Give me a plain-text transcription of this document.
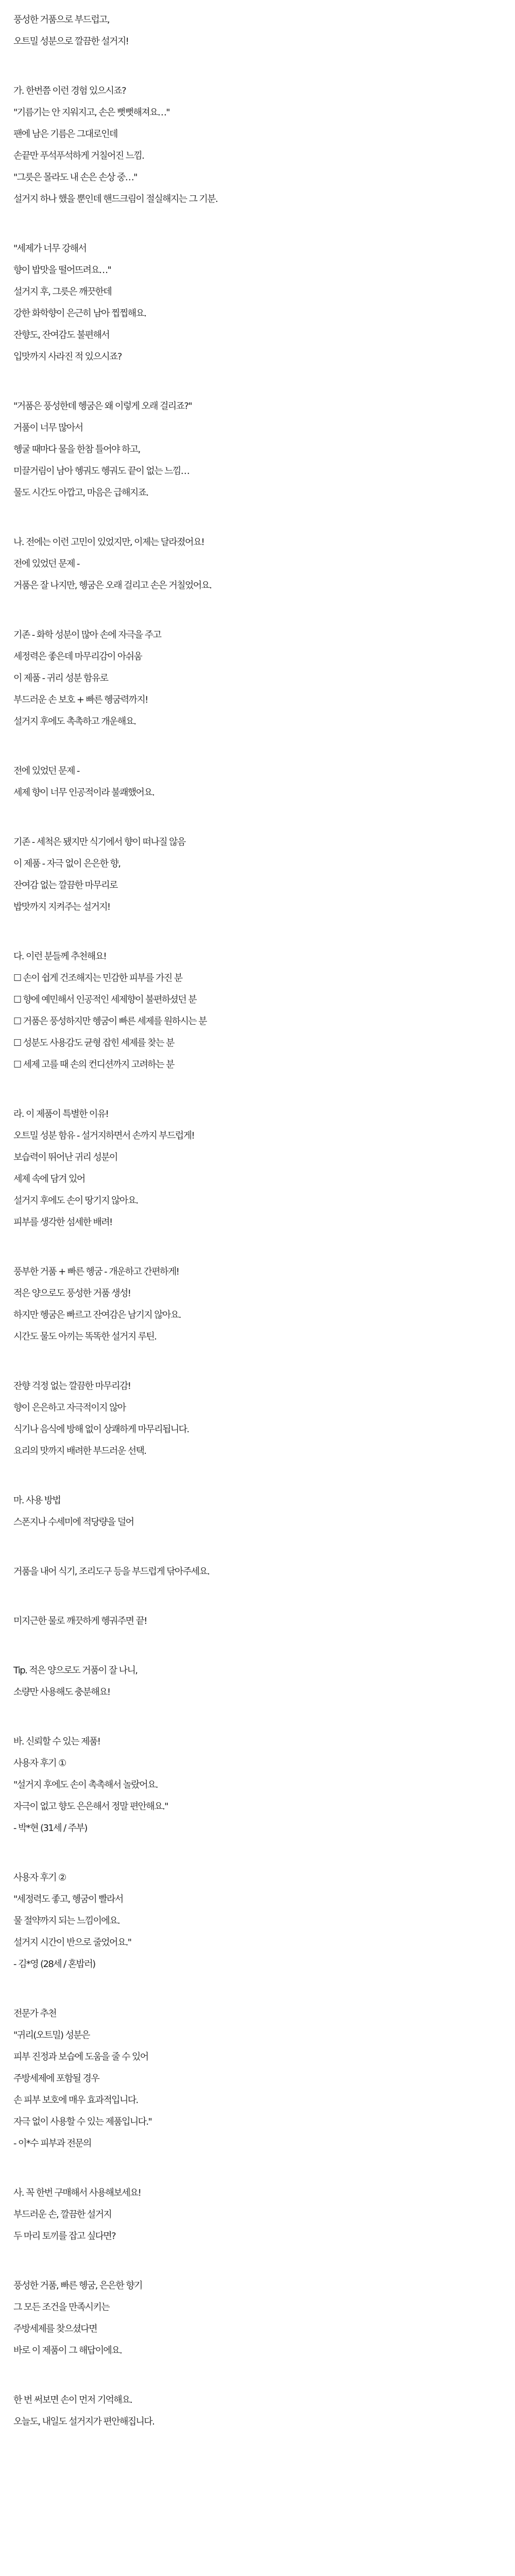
풍성한 거품으로 부드럽고,
오트밀 성분으로 깔끔한 설거지!
가. 한번쯤 이런 경험 있으시죠?
"기름기는 안 지워지고, 손은 뻣뻣해져요…"
팬에 남은 기름은 그대로인데
손끝만 푸석푸석하게 거칠어진 느낌.
"그릇은 몰라도 내 손은 손상 중…"
설거지 하나 했을 뿐인데 핸드크림이 절실해지는 그 기분.
"세제가 너무 강해서
향이 밥맛을 떨어뜨려요…"
설거지 후, 그릇은 깨끗한데
강한 화학향이 은근히 남아 찝찝해요.
잔향도, 잔여감도 불편해서
입맛까지 사라진 적 있으시죠?
"거품은 풍성한데 헹굼은 왜 이렇게 오래 걸리죠?"
거품이 너무 많아서
헹굴 때마다 물을 한참 틀어야 하고,
미끌거림이 남아 헹궈도 헹궈도 끝이 없는 느낌…
물도 시간도 아깝고, 마음은 급해지죠.
나. 전에는 이런 고민이 있었지만, 이제는 달라졌어요!
전에 있었던 문제 -
거품은 잘 나지만, 헹굼은 오래 걸리고 손은 거칠었어요.
기존 - 화학 성분이 많아 손에 자극을 주고
세정력은 좋은데 마무리감이 아쉬움
이 제품 - 귀리 성분 함유로
부드러운 손 보호 + 빠른 헹굼력까지!
설거지 후에도 촉촉하고 개운해요.
전에 있었던 문제 -
세제 향이 너무 인공적이라 불쾌했어요.
기존 - 세척은 됐지만 식기에서 향이 떠나질 않음
이 제품 - 자극 없이 은은한 향,
잔여감 없는 깔끔한 마무리로
밥맛까지 지켜주는 설거지!
다. 이런 분들께 추천해요!
☐ 손이 쉽게 건조해지는 민감한 피부를 가진 분
☐ 향에 예민해서 인공적인 세제향이 불편하셨던 분
☐ 거품은 풍성하지만 헹굼이 빠른 세제를 원하시는 분
☐ 성분도 사용감도 균형 잡힌 세제를 찾는 분
☐ 세제 고를 때 손의 컨디션까지 고려하는 분
라. 이 제품이 특별한 이유!
오트밀 성분 함유 - 설거지하면서 손까지 부드럽게!
보습력이 뛰어난 귀리 성분이
세제 속에 담겨 있어
설거지 후에도 손이 땅기지 않아요.
피부를 생각한 섬세한 배려!
풍부한 거품 + 빠른 헹굼 - 개운하고 간편하게!
적은 양으로도 풍성한 거품 생성!
하지만 헹굼은 빠르고 잔여감은 남기지 않아요.
시간도 물도 아끼는 똑똑한 설거지 루틴.
잔향 걱정 없는 깔끔한 마무리감!
향이 은은하고 자극적이지 않아
식기나 음식에 방해 없이 상쾌하게 마무리됩니다.
요리의 맛까지 배려한 부드러운 선택.
마. 사용 방법
스폰지나 수세미에 적당량을 덜어
거품을 내어 식기, 조리도구 등을 부드럽게 닦아주세요.
미지근한 물로 깨끗하게 헹궈주면 끝!
Tip. 적은 양으로도 거품이 잘 나니,
소량만 사용해도 충분해요!
바. 신뢰할 수 있는 제품!
사용자 후기 ①
"설거지 후에도 손이 촉촉해서 놀랐어요.
자극이 없고 향도 은은해서 정말 편안해요."
- 박*현 (31세 / 주부)
사용자 후기 ②
"세정력도 좋고, 헹굼이 빨라서
물 절약까지 되는 느낌이에요.
설거지 시간이 반으로 줄었어요."
- 김*영 (28세 / 혼밥러)
전문가 추천
"귀리(오트밀) 성분은
피부 진정과 보습에 도움을 줄 수 있어
주방세제에 포함될 경우
손 피부 보호에 매우 효과적입니다.
자극 없이 사용할 수 있는 제품입니다."
- 이*수 피부과 전문의
사. 꼭 한번 구매해서 사용해보세요!
부드러운 손, 깔끔한 설거지
두 마리 토끼를 잡고 싶다면?
풍성한 거품, 빠른 헹굼, 은은한 향기
그 모든 조건을 만족시키는
주방세제를 찾으셨다면
바로 이 제품이 그 해답이에요.
한 번 써보면 손이 먼저 기억해요.
오늘도, 내일도 설거지가 편안해집니다.
